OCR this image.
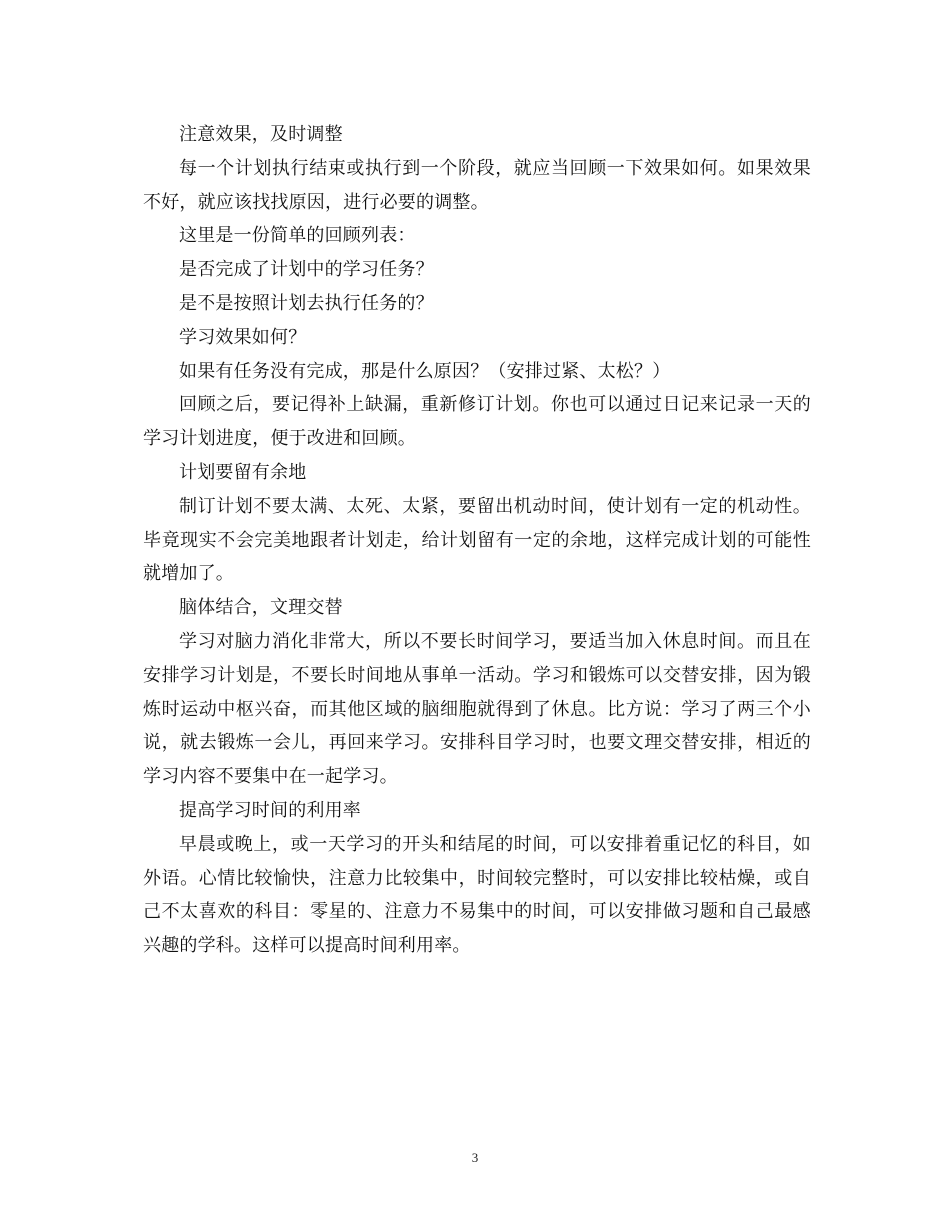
注意效果，及时调整

每一个计划执行结束或执行到一个阶段，就应当回顾一下效果如何。如果效果不好，就应该找找原因，进行必要的调整。

这里是一份简单的回顾列表：

是否完成了计划中的学习任务？

是不是按照计划去执行任务的？

学习效果如何？

如果有任务没有完成，那是什么原因？（安排过紧、太松？）

回顾之后，要记得补上缺漏，重新修订计划。你也可以通过日记来记录一天的学习计划进度，便于改进和回顾。

计划要留有余地

制订计划不要太满、太死、太紧，要留出机动时间，使计划有一定的机动性。毕竟现实不会完美地跟者计划走，给计划留有一定的余地，这样完成计划的可能性就增加了。

脑体结合，文理交替

学习对脑力消化非常大，所以不要长时间学习，要适当加入休息时间。而且在安排学习计划是，不要长时间地从事单一活动。学习和锻炼可以交替安排，因为锻炼时运动中枢兴奋，而其他区域的脑细胞就得到了休息。比方说：学习了两三个小说，就去锻炼一会儿，再回来学习。安排科目学习时，也要文理交替安排，相近的学习内容不要集中在一起学习。

提高学习时间的利用率

早晨或晚上，或一天学习的开头和结尾的时间，可以安排着重记忆的科目，如外语。心情比较愉快，注意力比较集中，时间较完整时，可以安排比较枯燥，或自己不太喜欢的科目：零星的、注意力不易集中的时间，可以安排做习题和自己最感兴趣的学科。这样可以提高时间利用率。

3
